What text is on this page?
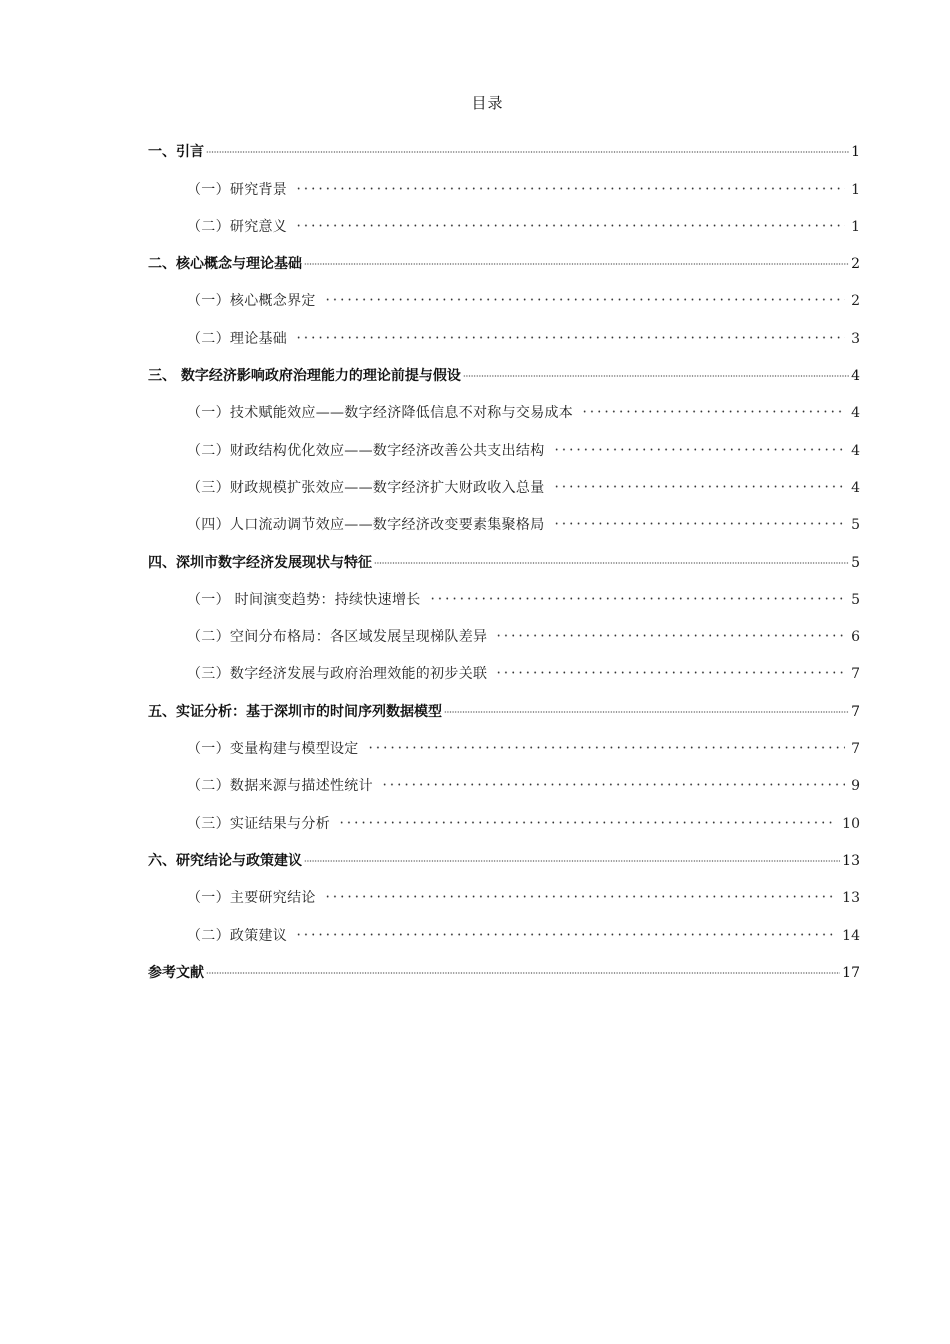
目录
一、引言	1
（一）研究背景	1
（二）研究意义	1
二、核心概念与理论基础	2
（一）核心概念界定	2
（二）理论基础	3
三、 数字经济影响政府治理能力的理论前提与假设	4
（一）技术赋能效应——数字经济降低信息不对称与交易成本	4
（二）财政结构优化效应——数字经济改善公共支出结构	4
（三）财政规模扩张效应——数字经济扩大财政收入总量	4
（四）人口流动调节效应——数字经济改变要素集聚格局	5
四、深圳市数字经济发展现状与特征	5
（一） 时间演变趋势：持续快速增长	5
（二）空间分布格局：各区域发展呈现梯队差异	6
（三）数字经济发展与政府治理效能的初步关联	7
五、实证分析：基于深圳市的时间序列数据模型	7
（一）变量构建与模型设定	7
（二）数据来源与描述性统计	9
（三）实证结果与分析	10
六、研究结论与政策建议	13
（一）主要研究结论	13
（二）政策建议	14
参考文献	17
